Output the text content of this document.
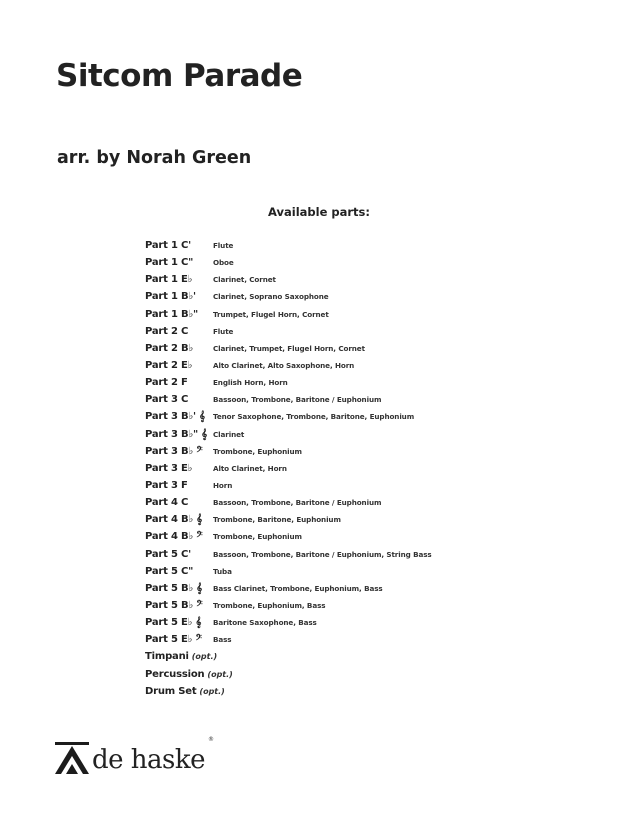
Sitcom Parade
arr. by Norah Green
Available parts:
Part 1 C'	Flute
Part 1 C"	Oboe
Part 1 E♭	Clarinet, Cornet
Part 1 B♭'	Clarinet, Soprano Saxophone
Part 1 B♭"	Trumpet, Flugel Horn, Cornet
Part 2 C	Flute
Part 2 B♭	Clarinet, Trumpet, Flugel Horn, Cornet
Part 2 E♭	Alto Clarinet, Alto Saxophone, Horn
Part 2 F	English Horn, Horn
Part 3 C	Bassoon, Trombone, Baritone / Euphonium
Part 3 B♭' 𝄞	Tenor Saxophone, Trombone, Baritone, Euphonium
Part 3 B♭" 𝄞 Clarinet
Part 3 B♭ 𝄢	Trombone, Euphonium
Part 3 E♭	Alto Clarinet, Horn
Part 3 F	Horn
Part 4 C	Bassoon, Trombone, Baritone / Euphonium
Part 4 B♭ 𝄞	Trombone, Baritone, Euphonium
Part 4 B♭ 𝄢	Trombone, Euphonium
Part 5 C'	Bassoon, Trombone, Baritone / Euphonium, String Bass
Part 5 C"	Tuba
Part 5 B♭ 𝄞	Bass Clarinet, Trombone, Euphonium, Bass
Part 5 B♭ 𝄢	Trombone, Euphonium, Bass
Part 5 E♭ 𝄞	Baritone Saxophone, Bass
Part 5 E♭ 𝄢	Bass
Timpani (opt.)
Percussion (opt.)
Drum Set (opt.)
de haske
®
